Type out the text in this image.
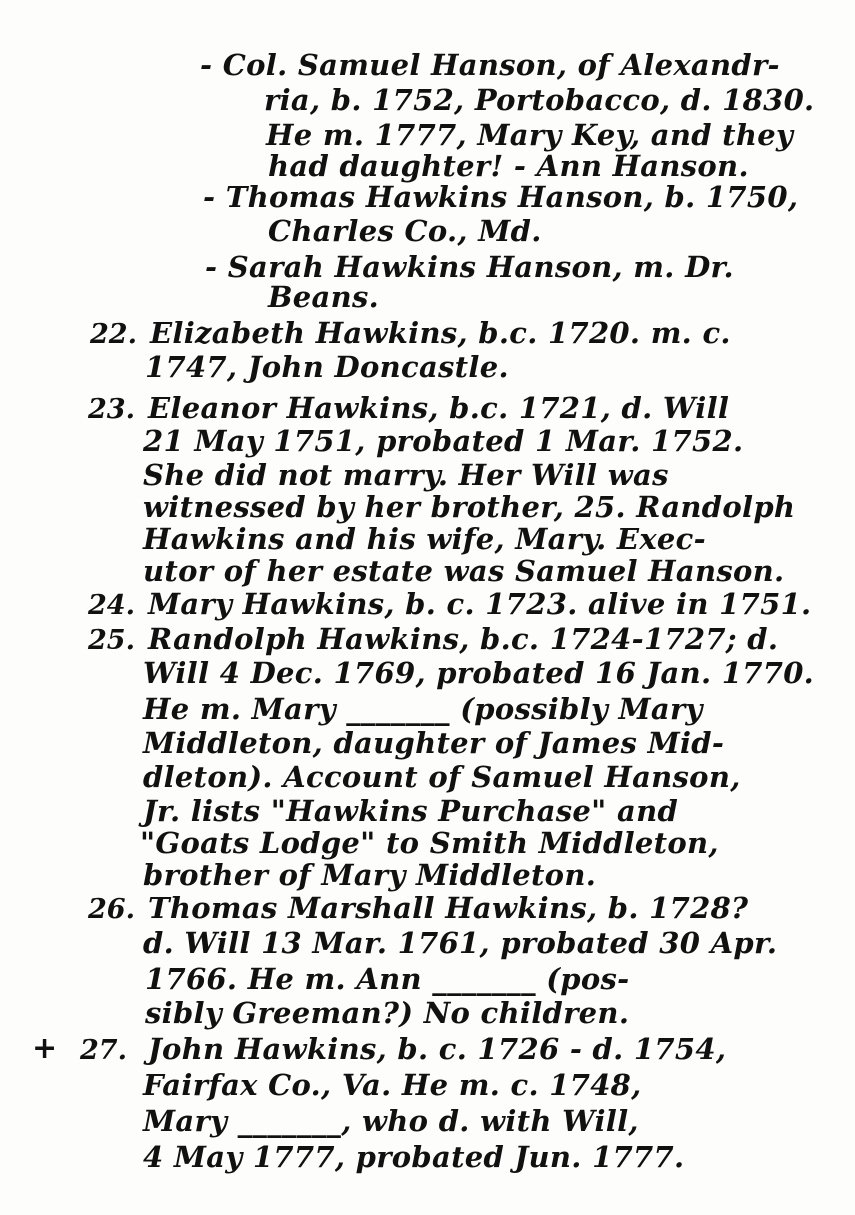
- Col. Samuel Hanson, of Alexandr-
ria, b. 1752, Portobacco, d. 1830.
He m. 1777, Mary Key, and they
had daughter! - Ann Hanson.
- Thomas Hawkins Hanson, b. 1750,
Charles Co., Md.
- Sarah Hawkins Hanson, m. Dr.
Beans.
22. Elizabeth Hawkins, b.c. 1720. m. c.
1747, John Doncastle.
23. Eleanor Hawkins, b.c. 1721, d. Will
21 May 1751, probated 1 Mar. 1752.
She did not marry. Her Will was
witnessed by her brother, 25. Randolph
Hawkins and his wife, Mary. Exec-
utor of her estate was Samuel Hanson.
24. Mary Hawkins, b. c. 1723. alive in 1751.
25. Randolph Hawkins, b.c. 1724-1727; d.
Will 4 Dec. 1769, probated 16 Jan. 1770.
He m. Mary _______ (possibly Mary
Middleton, daughter of James Mid-
dleton). Account of Samuel Hanson,
Jr. lists "Hawkins Purchase" and
"Goats Lodge" to Smith Middleton,
brother of Mary Middleton.
26. Thomas Marshall Hawkins, b. 1728?
d. Will 13 Mar. 1761, probated 30 Apr.
1766. He m. Ann _______ (pos-
sibly Greeman?) No children.
+ 27. John Hawkins, b. c. 1726 - d. 1754,
Fairfax Co., Va. He m. c. 1748,
Mary _______, who d. with Will,
4 May 1777, probated Jun. 1777.
